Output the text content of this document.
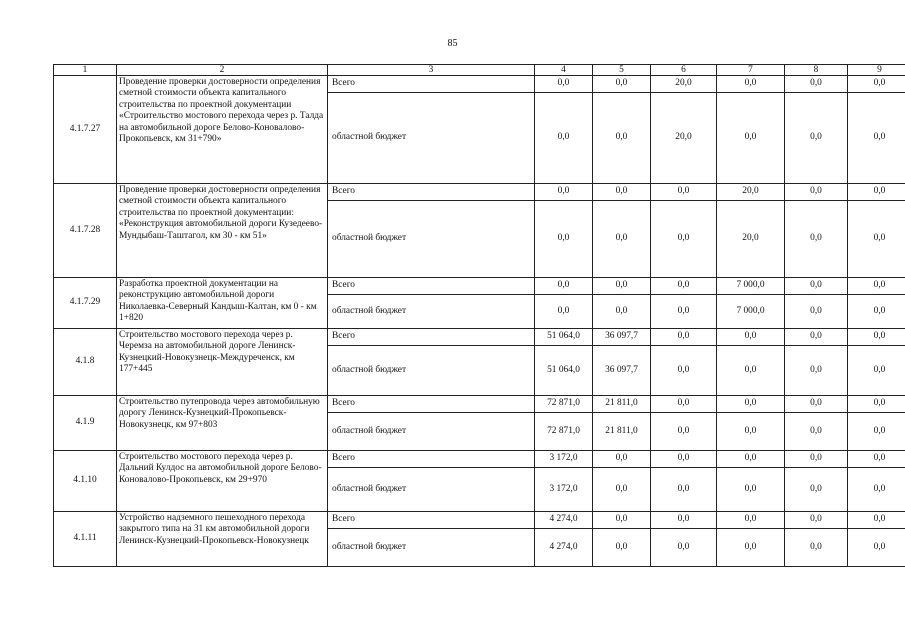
85
1	2	3	4	5	6	7	8	9
4.1.7.27	Проведение проверки достоверности определения сметной стоимости объекта капитального строительства по проектной документации «Строительство мостового перехода через р. Талда на автомобильной дороге Белово-Коновалово-Прокопьевск, км 31+790»	Всего	0,0	0,0	20,0	0,0	0,0	0,0
		областной бюджет	0,0	0,0	20,0	0,0	0,0	0,0
4.1.7.28	Проведение проверки достоверности определения сметной стоимости объекта капитального строительства по проектной документации: «Реконструкция автомобильной дороги Кузедеево-Мундыбаш-Таштагол, км 30 - км 51»	Всего	0,0	0,0	0,0	20,0	0,0	0,0
		областной бюджет	0,0	0,0	0,0	20,0	0,0	0,0
4.1.7.29	Разработка проектной документации на реконструкцию автомобильной дороги Николаевка-Северный Кандыш-Калтан, км 0 - км 1+820	Всего	0,0	0,0	0,0	7 000,0	0,0	0,0
		областной бюджет	0,0	0,0	0,0	7 000,0	0,0	0,0
4.1.8	Строительство мостового перехода через р. Черемза на автомобильной дороге Ленинск-Кузнецкий-Новокузнецк-Междуреченск, км 177+445	Всего	51 064,0	36 097,7	0,0	0,0	0,0	0,0
		областной бюджет	51 064,0	36 097,7	0,0	0,0	0,0	0,0
4.1.9	Строительство путепровода через автомобильную дорогу Ленинск-Кузнецкий-Прокопьевск-Новокузнецк, км 97+803	Всего	72 871,0	21 811,0	0,0	0,0	0,0	0,0
		областной бюджет	72 871,0	21 811,0	0,0	0,0	0,0	0,0
4.1.10	Строительство мостового перехода через р. Дальний Кулдос на автомобильной дороге Белово-Коновалово-Прокопьевск, км 29+970	Всего	3 172,0	0,0	0,0	0,0	0,0	0,0
		областной бюджет	3 172,0	0,0	0,0	0,0	0,0	0,0
4.1.11	Устройство надземного пешеходного перехода закрытого типа на 31 км автомобильной дороги Ленинск-Кузнецкий-Прокопьевск-Новокузнецк	Всего	4 274,0	0,0	0,0	0,0	0,0	0,0
		областной бюджет	4 274,0	0,0	0,0	0,0	0,0	0,0
